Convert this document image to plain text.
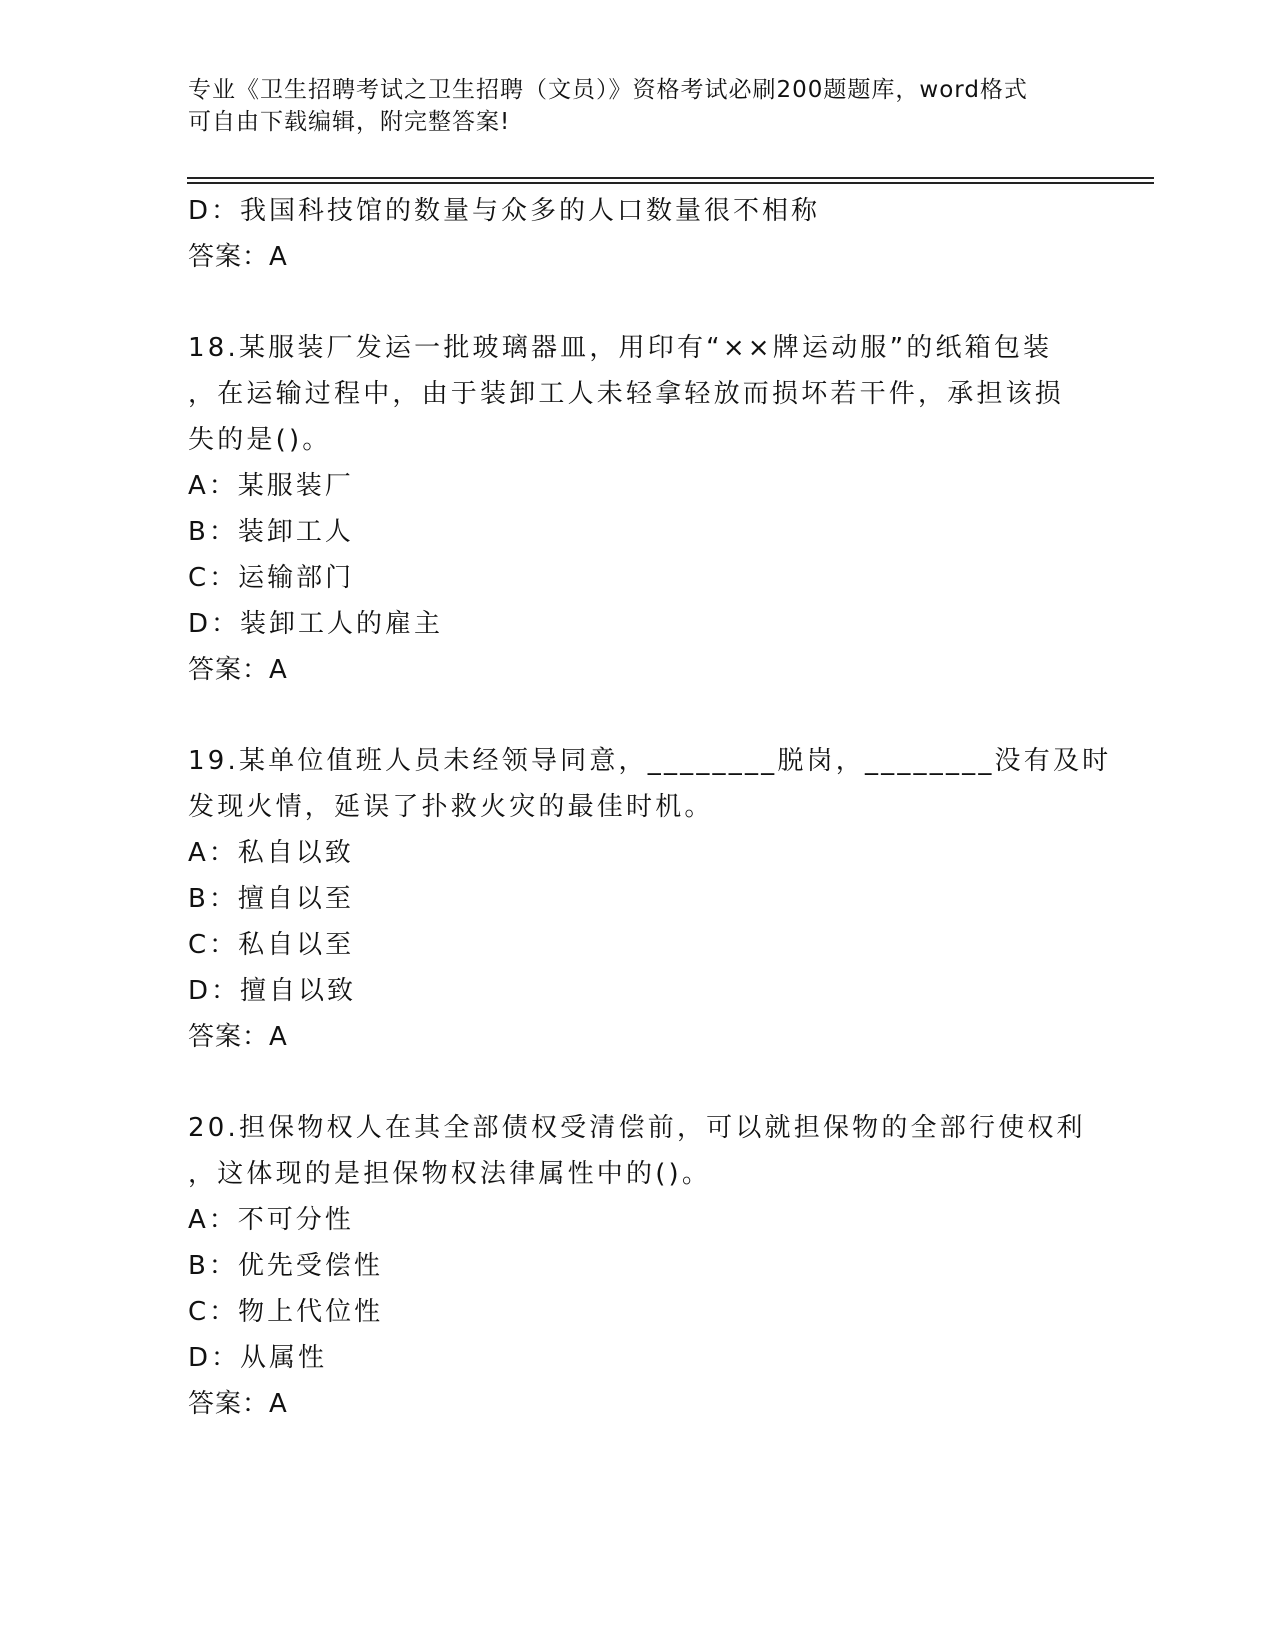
专业《卫生招聘考试之卫生招聘（文员）》资格考试必刷200题题库，word格式
可自由下载编辑，附完整答案!
D：我国科技馆的数量与众多的人口数量很不相称
答案：A
18.某服装厂发运一批玻璃器皿，用印有“××牌运动服”的纸箱包装
，在运输过程中，由于装卸工人未轻拿轻放而损坏若干件，承担该损
失的是()。
A：某服装厂
B：装卸工人
C：运输部门
D：装卸工人的雇主
答案：A
19.某单位值班人员未经领导同意，________脱岗，________没有及时
发现火情，延误了扑救火灾的最佳时机。
A：私自以致
B：擅自以至
C：私自以至
D：擅自以致
答案：A
20.担保物权人在其全部债权受清偿前，可以就担保物的全部行使权利
，这体现的是担保物权法律属性中的()。
A：不可分性
B：优先受偿性
C：物上代位性
D：从属性
答案：A
